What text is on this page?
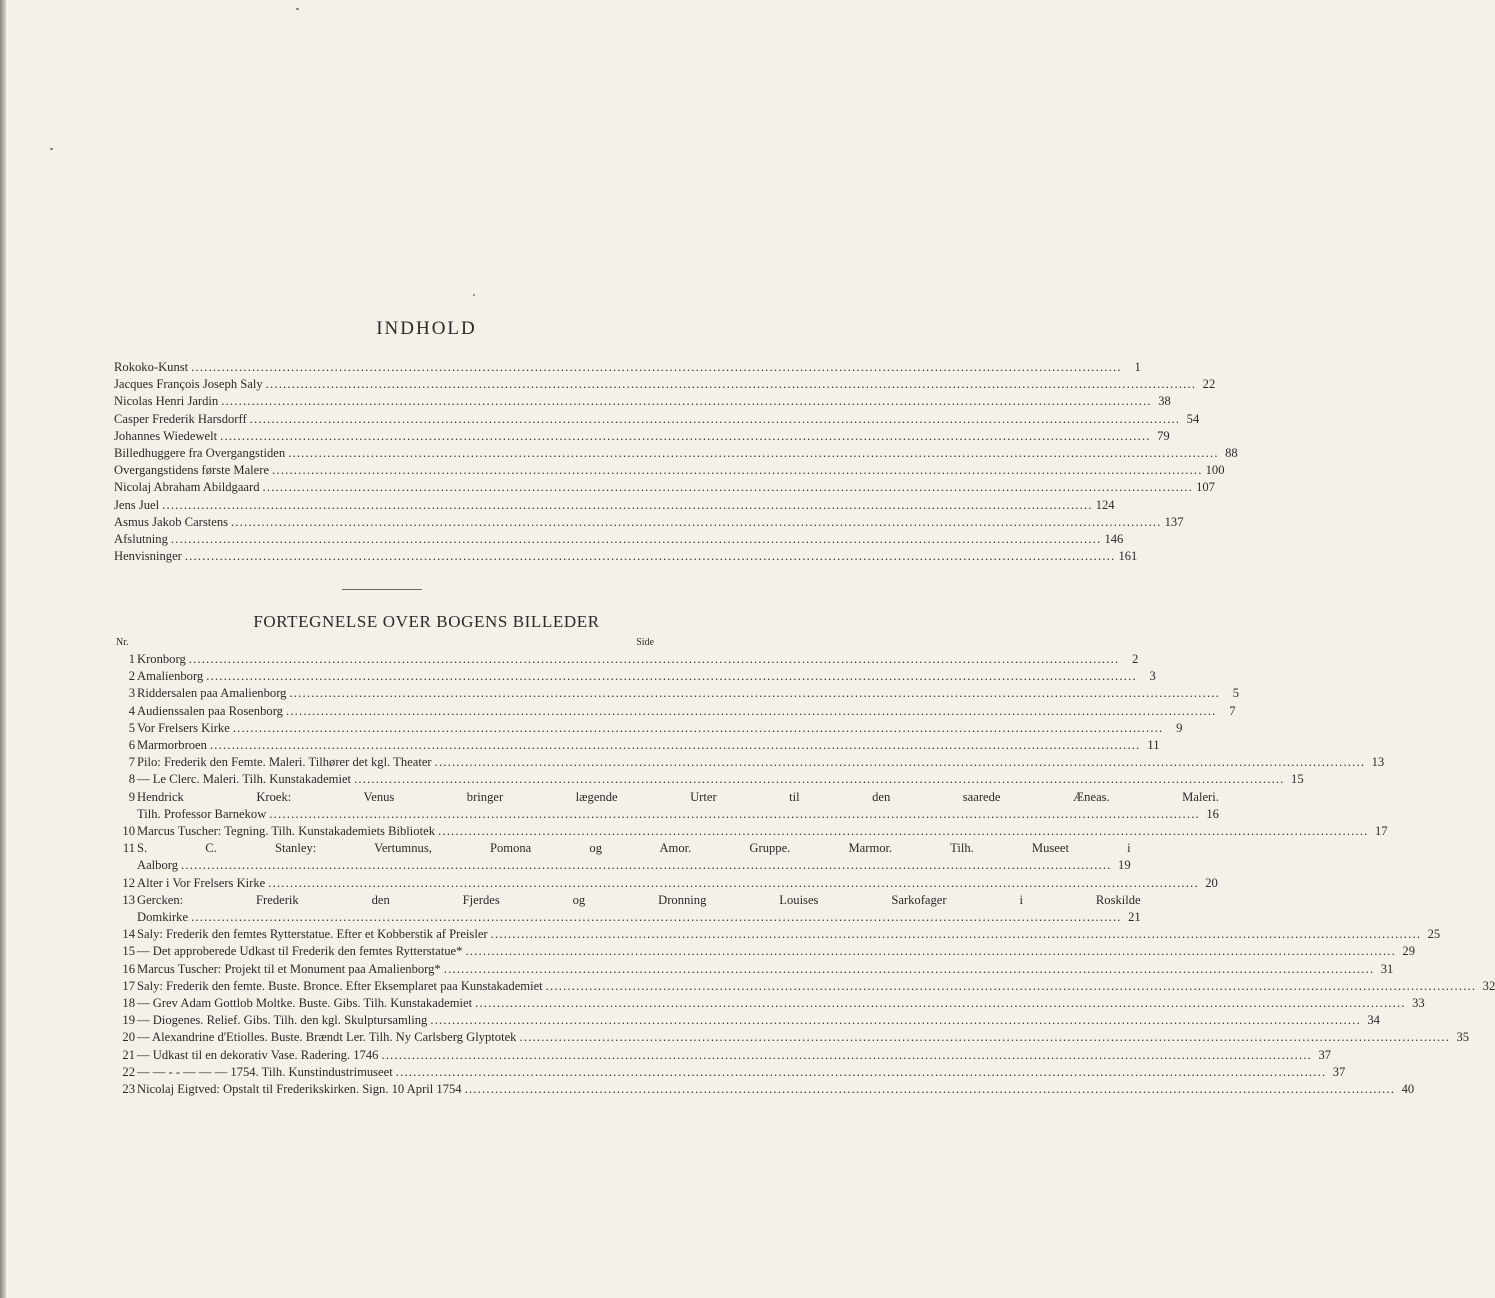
INDHOLD
Rokoko-Kunst .....	1
Jacques François Joseph Saly .....	22
Nicolas Henri Jardin .....	38
Casper Frederik Harsdorff .....	54
Johannes Wiedewelt .....	79
Billedhuggere fra Overgangstiden .....	88
Overgangstidens første Malere .....	100
Nicolaj Abraham Abildgaard .....	107
Jens Juel .....	124
Asmus Jakob Carstens .....	137
Afslutning .....	146
Henvisninger .....	161
FORTEGNELSE OVER BOGENS BILLEDER
Nr.	Side
1 Kronborg .....	2
2 Amalienborg .....	3
3 Riddersalen paa Amalienborg .....	5
4 Audienssalen paa Rosenborg .....	7
5 Vor Frelsers Kirke .....	9
6 Marmorbroen .....	11
7 Pilo: Frederik den Femte. Maleri. Tilhører det kgl. Theater .....	13
8 — Le Clerc. Maleri. Tilh. Kunstakademiet .....	15
9 Hendrick Kroek: Venus bringer lægende Urter til den saarede Æneas. Maleri.
Tilh. Professor Barnekow .....	16
10 Marcus Tuscher: Tegning. Tilh. Kunstakademiets Bibliotek .....	17
11 S. C. Stanley: Vertumnus, Pomona og Amor. Gruppe. Marmor. Tilh. Museet i
Aalborg .....	19
12 Alter i Vor Frelsers Kirke .....	20
13 Gercken: Frederik den Fjerdes og Dronning Louises Sarkofager i Roskilde
Domkirke .....	21
14 Saly: Frederik den femtes Rytterstatue. Efter et Kobberstik af Preisler .....	25
15 — Det approberede Udkast til Frederik den femtes Rytterstatue* .....	29
16 Marcus Tuscher: Projekt til et Monument paa Amalienborg* .....	31
17 Saly: Frederik den femte. Buste. Bronce. Efter Eksemplaret paa Kunstakademiet .....	32
18 — Grev Adam Gottlob Moltke. Buste. Gibs. Tilh. Kunstakademiet .....	33
19 — Diogenes. Relief. Gibs. Tilh. den kgl. Skulptursamling .....	34
20 — Alexandrine d'Etiolles. Buste. Brændt Ler. Tilh. Ny Carlsberg Glyptotek .....	35
21 — Udkast til en dekorativ Vase. Radering. 1746 .....	37
22 — — - - — — — 1754. Tilh. Kunstindustrimuseet .....	37
23 Nicolaj Eigtved: Opstalt til Frederikskirken. Sign. 10 April 1754 .....	40
